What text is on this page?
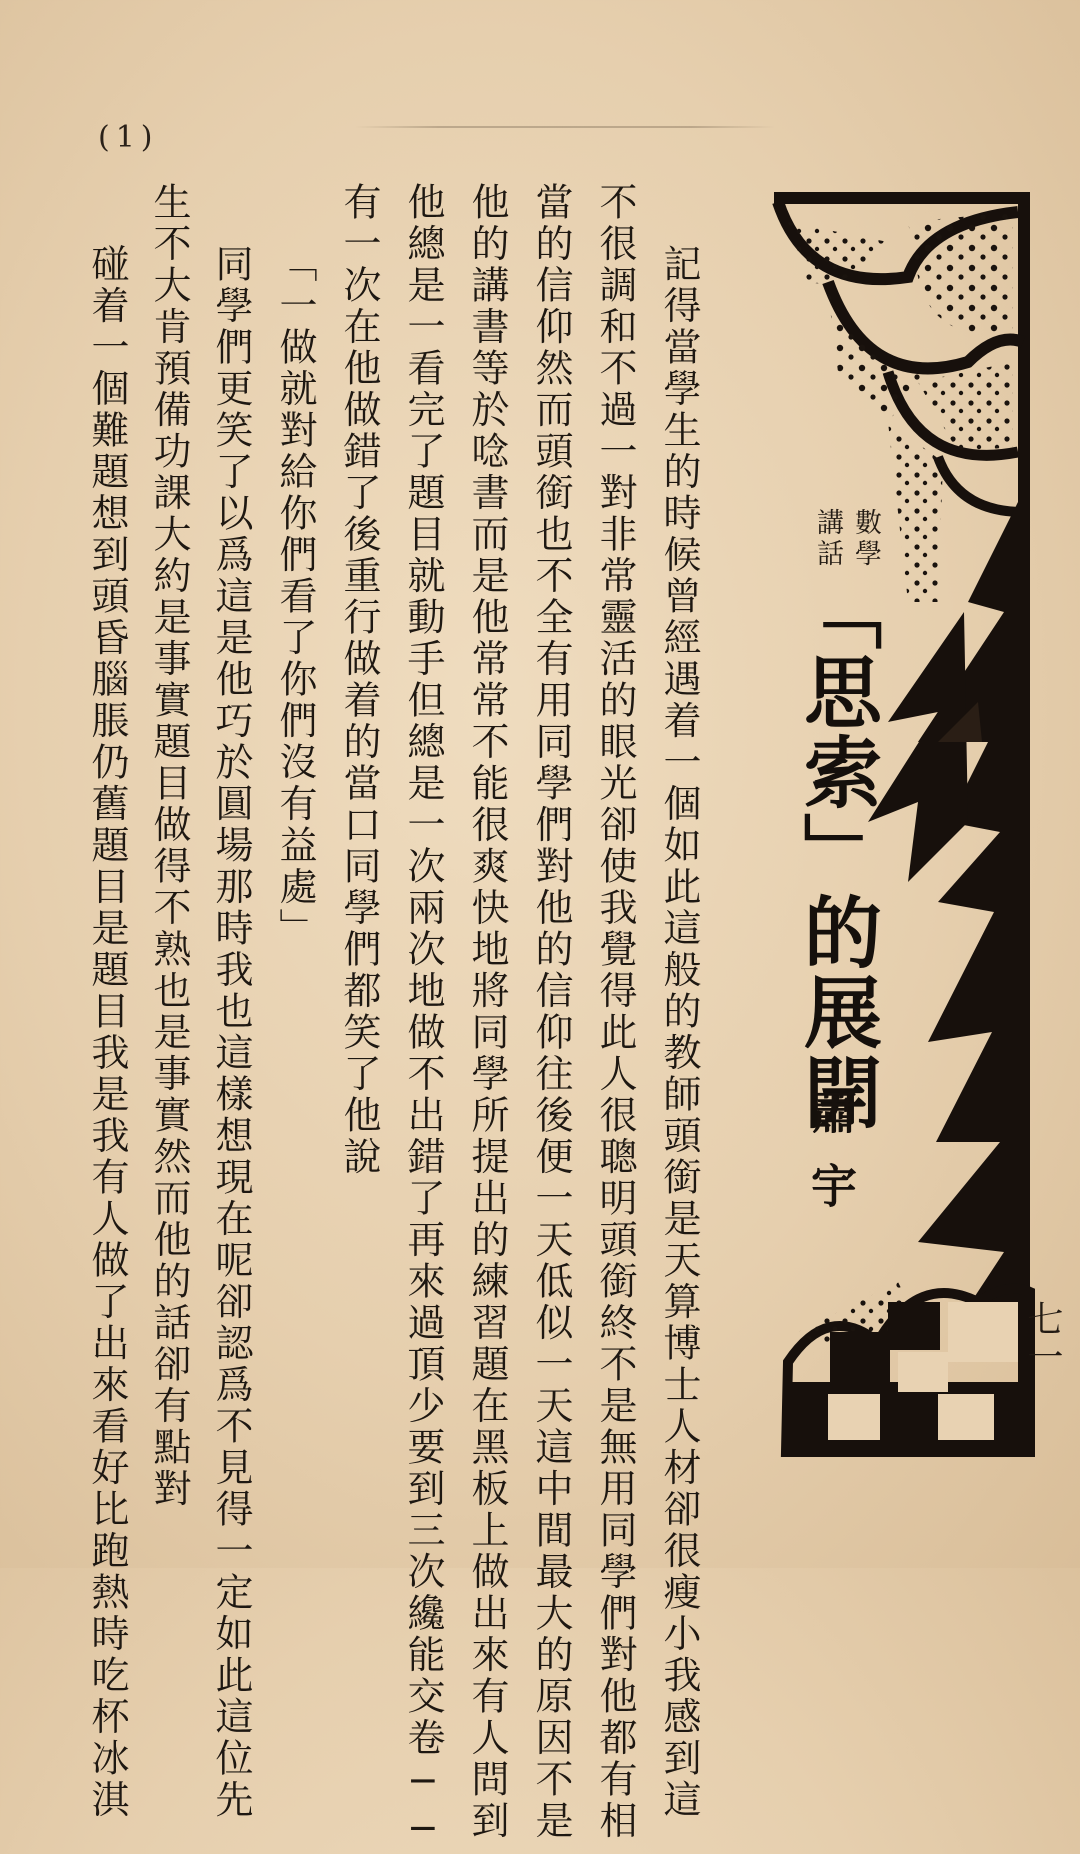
(1)
記得當學生的時候曾經遇着一個如此這般的教師頭銜是天算博士人材卻很瘦小我感到這
不很調和不過一對非常靈活的眼光卻使我覺得此人很聰明頭銜終不是無用同學們對他都有相
當的信仰然而頭銜也不全有用同學們對他的信仰往後便一天低似一天這中間最大的原因不是
他的講書等於唸書而是他常常不能很爽快地將同學所提出的練習題在黑板上做出來有人問到
他總是一看完了題目就動手但總是一次兩次地做不出錯了再來過頂少要到三次纔能交卷──
有一次在他做錯了後重行做着的當口同學們都笑了他說
「一做就對給你們看了你們沒有益處」
同學們更笑了以爲這是他巧於圓場那時我也這樣想現在呢卻認爲不見得一定如此這位先
生不大肯預備功課大約是事實題目做得不熟也是事實然而他的話卻有點對
碰着一個難題想到頭昏腦脹仍舊題目是題目我是我有人做了出來看好比跑熱時吃杯冰淇	數學
講話
「思索」的展開
蕭宇
七一
